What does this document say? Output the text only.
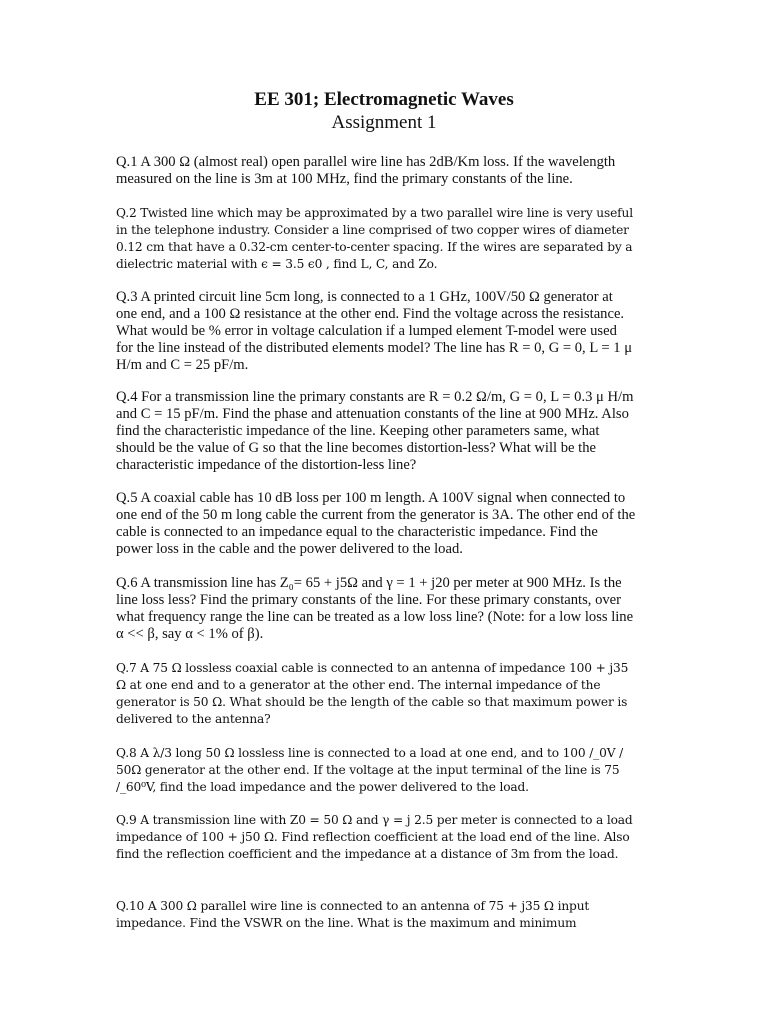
EE 301; Electromagnetic Waves

Assignment 1

Q.1 A 300 Ω (almost real) open parallel wire line has 2dB/Km loss. If the wavelength measured on the line is 3m at 100 MHz, find the primary constants of the line.

Q.2 Twisted line which may be approximated by a two parallel wire line is very useful in the telephone industry. Consider a line comprised of two copper wires of diameter 0.12 cm that have a 0.32-cm center-to-center spacing. If the wires are separated by a dielectric material with ϵ = 3.5 ϵ0 , find L, C, and Zo.

Q.3 A printed circuit line 5cm long, is connected to a 1 GHz, 100V/50 Ω generator at one end, and a 100 Ω resistance at the other end. Find the voltage across the resistance. What would be % error in voltage calculation if a lumped element T-model were used for the line instead of the distributed elements model? The line has R = 0, G = 0, L = 1 μ H/m and C = 25 pF/m.

Q.4 For a transmission line the primary constants are R = 0.2 Ω/m, G = 0, L = 0.3 μ H/m and C = 15 pF/m. Find the phase and attenuation constants of the line at 900 MHz. Also find the characteristic impedance of the line. Keeping other parameters same, what should be the value of G so that the line becomes distortion-less? What will be the characteristic impedance of the distortion-less line?

Q.5 A coaxial cable has 10 dB loss per 100 m length. A 100V signal when connected to one end of the 50 m long cable the current from the generator is 3A. The other end of the cable is connected to an impedance equal to the characteristic impedance. Find the power loss in the cable and the power delivered to the load.

Q.6 A transmission line has Z₀= 65 + j5Ω and γ = 1 + j20 per meter at 900 MHz. Is the line loss less? Find the primary constants of the line. For these primary constants, over what frequency range the line can be treated as a low loss line? (Note: for a low loss line α << β, say α < 1% of β).

Q.7 A 75 Ω lossless coaxial cable is connected to an antenna of impedance 100 + j35 Ω at one end and to a generator at the other end. The internal impedance of the generator is 50 Ω. What should be the length of the cable so that maximum power is delivered to the antenna?

Q.8 A λ/3 long 50 Ω lossless line is connected to a load at one end, and to 100 /_0V / 50Ω generator at the other end. If the voltage at the input terminal of the line is 75 /_60⁰V, find the load impedance and the power delivered to the load.

Q.9 A transmission line with Z0 = 50 Ω and γ = j 2.5 per meter is connected to a load impedance of 100 + j50 Ω. Find reflection coefficient at the load end of the line. Also find the reflection coefficient and the impedance at a distance of 3m from the load.

Q.10 A 300 Ω parallel wire line is connected to an antenna of 75 + j35 Ω input impedance. Find the VSWR on the line. What is the maximum and minimum
